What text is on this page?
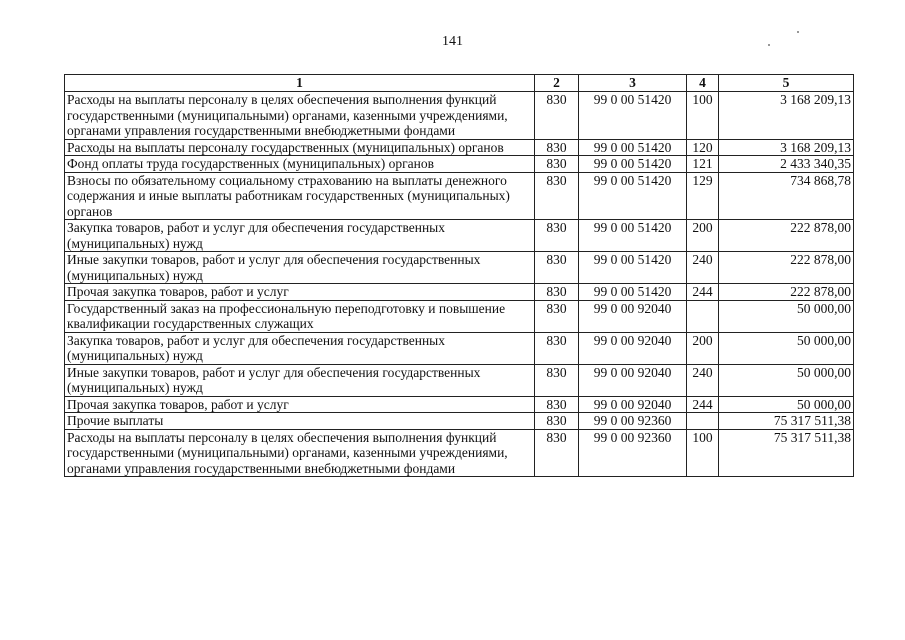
141
1	2	3	4	5
Расходы на выплаты персоналу в целях обеспечения выполнения функций государственными (муниципальными) органами, казенными учреждениями, органами управления государственными внебюджетными фондами	830	99 0 00 51420	100	3 168 209,13
Расходы на выплаты персоналу государственных (муниципальных) органов	830	99 0 00 51420	120	3 168 209,13
Фонд оплаты труда государственных (муниципальных) органов	830	99 0 00 51420	121	2 433 340,35
Взносы по обязательному социальному страхованию на выплаты денежного содержания и иные выплаты работникам государственных (муниципальных) органов	830	99 0 00 51420	129	734 868,78
Закупка товаров, работ и услуг для обеспечения государственных (муниципальных) нужд	830	99 0 00 51420	200	222 878,00
Иные закупки товаров, работ и услуг для обеспечения государственных (муниципальных) нужд	830	99 0 00 51420	240	222 878,00
Прочая закупка товаров, работ и услуг	830	99 0 00 51420	244	222 878,00
Государственный заказ на профессиональную переподготовку и повышение квалификации государственных служащих	830	99 0 00 92040		50 000,00
Закупка товаров, работ и услуг для обеспечения государственных (муниципальных) нужд	830	99 0 00 92040	200	50 000,00
Иные закупки товаров, работ и услуг для обеспечения государственных (муниципальных) нужд	830	99 0 00 92040	240	50 000,00
Прочая закупка товаров, работ и услуг	830	99 0 00 92040	244	50 000,00
Прочие выплаты	830	99 0 00 92360		75 317 511,38
Расходы на выплаты персоналу в целях обеспечения выполнения функций государственными (муниципальными) органами, казенными учреждениями, органами управления государственными внебюджетными фондами	830	99 0 00 92360	100	75 317 511,38
